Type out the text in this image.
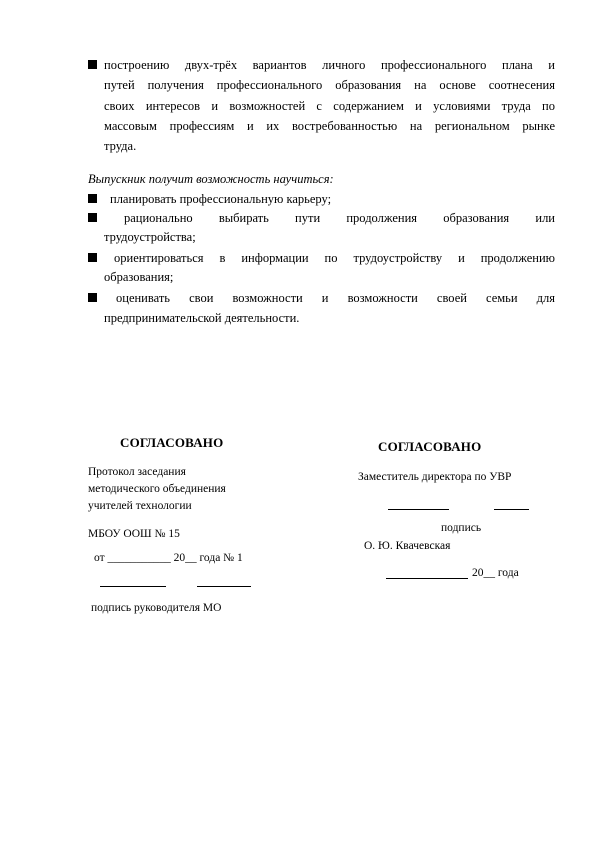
построению двух-трёх вариантов личного профессионального плана и
путей получения профессионального образования на основе соотнесения
своих интересов и возможностей с содержанием и условиями труда по
массовым профессиям и их востребованностью на региональном рынке
труда.
Выпускник получит возможность научиться:
планировать профессиональную карьеру;
рационально выбирать пути продолжения образования или
трудоустройства;
ориентироваться в информации по трудоустройству и продолжению
образования;
оценивать свои возможности и возможности своей семьи для
предпринимательской деятельности.
СОГЛАСОВАНО
Протокол заседания
методического объединения
учителей технологии
МБОУ ООШ № 15
от ___________ 20__ года № 1
подпись руководителя МО
СОГЛАСОВАНО
Заместитель директора по УВР
подпись
О. Ю. Квачевская
20__ года
